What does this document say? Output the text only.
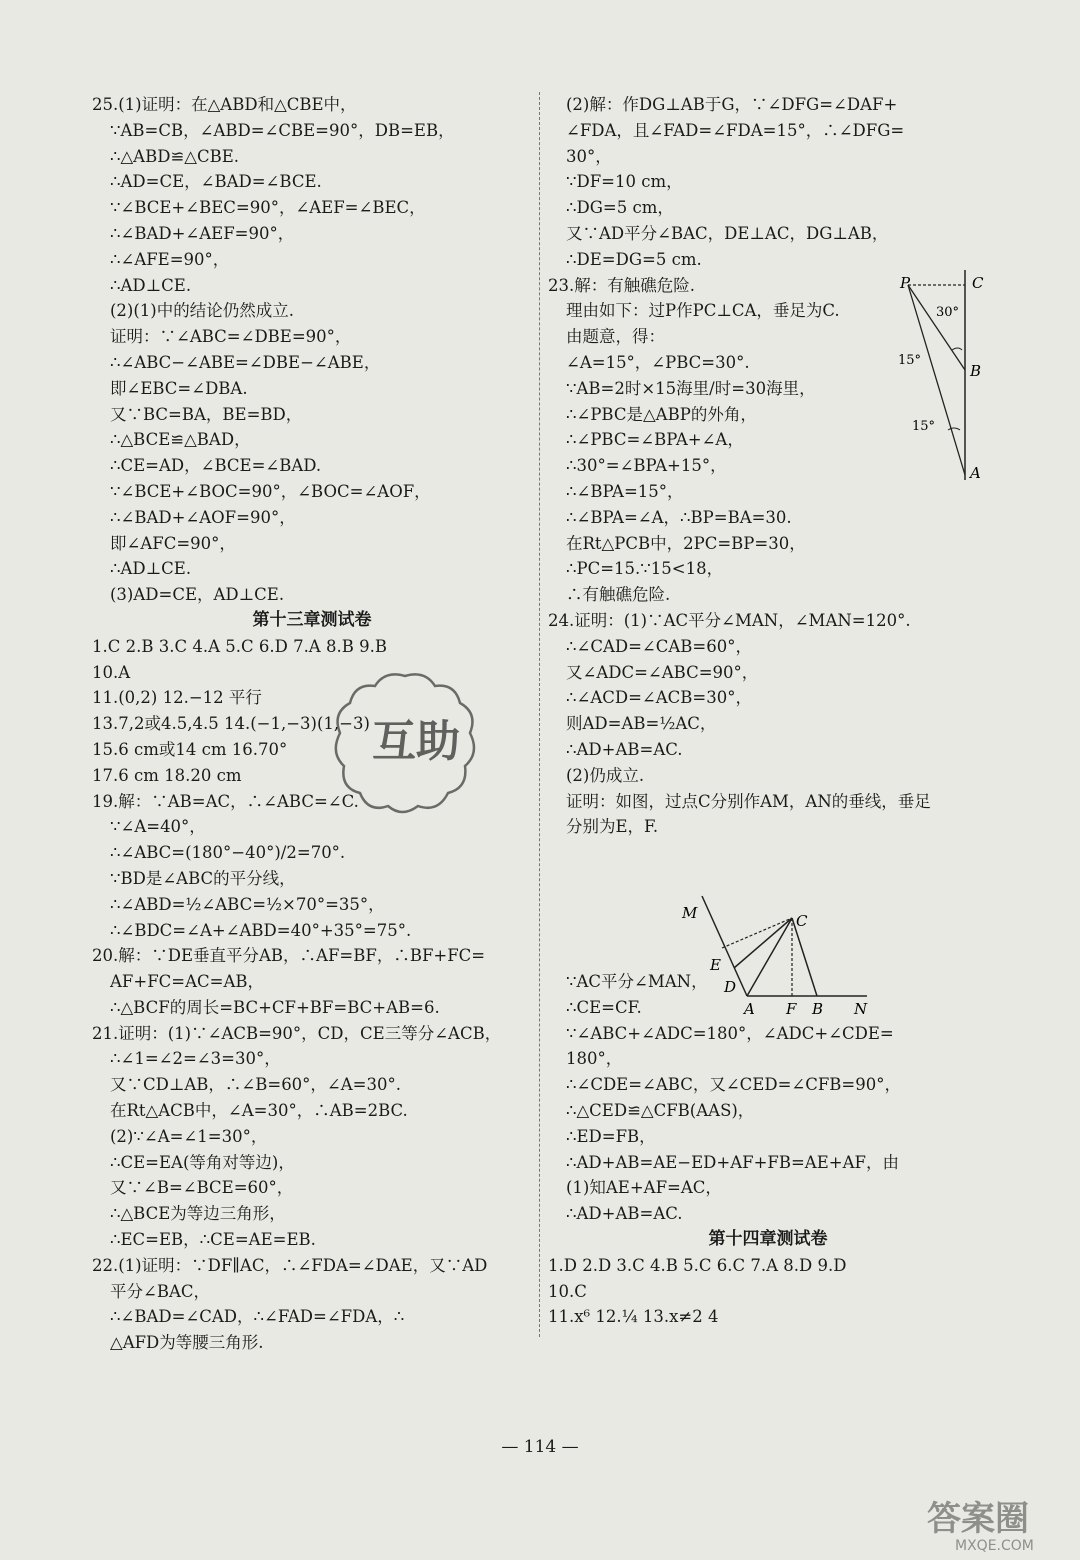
25.(1)证明：在△ABD和△CBE中，
∵AB=CB，∠ABD=∠CBE=90°，DB=EB，
∴△ABD≌△CBE.
∴AD=CE，∠BAD=∠BCE.
∵∠BCE+∠BEC=90°，∠AEF=∠BEC，
∴∠BAD+∠AEF=90°，
∴∠AFE=90°，
∴AD⊥CE.
(2)(1)中的结论仍然成立.
证明：∵∠ABC=∠DBE=90°，
∴∠ABC−∠ABE=∠DBE−∠ABE，
即∠EBC=∠DBA.
又∵BC=BA，BE=BD，
∴△BCE≌△BAD，
∴CE=AD，∠BCE=∠BAD.
∵∠BCE+∠BOC=90°，∠BOC=∠AOF，
∴∠BAD+∠AOF=90°，
即∠AFC=90°，
∴AD⊥CE.
(3)AD=CE，AD⊥CE.
第十三章测试卷
1.C 2.B 3.C 4.A 5.C 6.D 7.A 8.B 9.B
10.A
11.(0,2) 12.−12 平行
13.7,2或4.5,4.5 14.(−1,−3)(1,−3)
15.6 cm或14 cm 16.70°
17.6 cm 18.20 cm
19.解：∵AB=AC，∴∠ABC=∠C.
∵∠A=40°，
∴∠ABC=(180°−40°)/2=70°.
∵BD是∠ABC的平分线，
∴∠ABD=½∠ABC=½×70°=35°，
∴∠BDC=∠A+∠ABD=40°+35°=75°.
20.解：∵DE垂直平分AB，∴AF=BF，∴BF+FC=
AF+FC=AC=AB，
∴△BCF的周长=BC+CF+BF=BC+AB=6.
21.证明：(1)∵∠ACB=90°，CD，CE三等分∠ACB，
∴∠1=∠2=∠3=30°，
又∵CD⊥AB，∴∠B=60°，∠A=30°.
在Rt△ACB中，∠A=30°，∴AB=2BC.
(2)∵∠A=∠1=30°，
∴CE=EA(等角对等边)，
又∵∠B=∠BCE=60°，
∴△BCE为等边三角形，
∴EC=EB，∴CE=AE=EB.
22.(1)证明：∵DF∥AC，∴∠FDA=∠DAE，又∵AD
平分∠BAC，
∴∠BAD=∠CAD，∴∠FAD=∠FDA，∴
△AFD为等腰三角形.
(2)解：作DG⊥AB于G，∵∠DFG=∠DAF+
∠FDA，且∠FAD=∠FDA=15°，∴∠DFG=
30°，
∵DF=10 cm，
∴DG=5 cm，
又∵AD平分∠BAC，DE⊥AC，DG⊥AB，
∴DE=DG=5 cm.
23.解：有触礁危险.
理由如下：过P作PC⊥CA，垂足为C.
由题意，得：
∠A=15°，∠PBC=30°.
∵AB=2时×15海里/时=30海里，
∴∠PBC是△ABP的外角，
∴∠PBC=∠BPA+∠A，
∴30°=∠BPA+15°，
∴∠BPA=15°，
∴∠BPA=∠A，∴BP=BA=30.
在Rt△PCB中，2PC=BP=30，
∴PC=15.∵15<18，
∴有触礁危险.
24.证明：(1)∵AC平分∠MAN，∠MAN=120°.
∴∠CAD=∠CAB=60°，
又∠ADC=∠ABC=90°，
∴∠ACD=∠ACB=30°，
则AD=AB=½AC，
∴AD+AB=AC.
(2)仍成立.
证明：如图，过点C分别作AM，AN的垂线，垂足
分别为E，F.
∵AC平分∠MAN，
∴CE=CF.
∵∠ABC+∠ADC=180°，∠ADC+∠CDE=
180°，
∴∠CDE=∠ABC，又∠CED=∠CFB=90°，
∴△CED≌△CFB(AAS)，
∴ED=FB，
∴AD+AB=AE−ED+AF+FB=AE+AF，由
(1)知AE+AF=AC，
∴AD+AB=AC.
第十四章测试卷
1.D 2.D 3.C 4.B 5.C 6.C 7.A 8.D 9.D
10.C
11.x⁶ 12.¼ 13.x≠2 4
P	C
B
A
30°
15°
15°
M	C
E
D
A F B N
互助
答案圈
MXQE.COM
— 114 —
